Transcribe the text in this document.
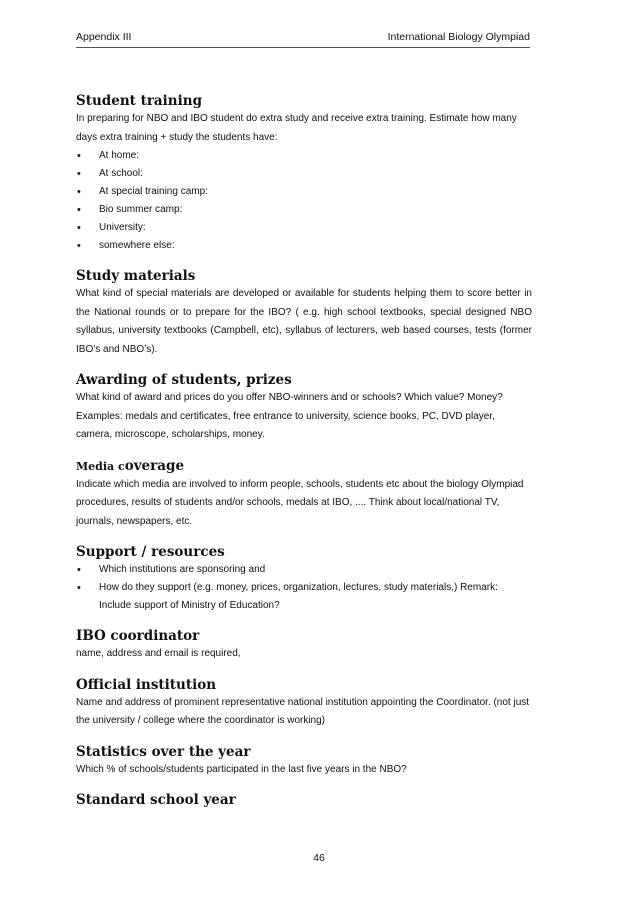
Appendix III	International Biology Olympiad
Student training

In preparing for NBO and IBO student do extra study and receive extra training. Estimate how many days extra training + study the students have:

• At home:
• At school:
• At special training camp:
• Bio summer camp:
• University:
• somewhere else:
Study materials

What kind of special materials are developed or available for students helping them to score better in the National rounds or to prepare for the IBO? ( e.g. high school textbooks, special designed NBO syllabus, university textbooks (Campbell, etc), syllabus of lecturers, web based courses, tests (former IBO’s and NBO’s).

Awarding of students, prizes

What kind of award and prices do you offer NBO-winners and or schools? Which value? Money? Examples: medals and certificates, free entrance to university, science books, PC, DVD player, camera, microscope, scholarships, money.

Media coverage

Indicate which media are involved to inform people, schools, students etc about the biology Olympiad procedures, results of students and/or schools, medals at IBO, .... Think about local/national TV, journals, newspapers, etc.

Support / resources
• Which institutions are sponsoring and
• How do they support (e.g. money, prices, organization, lectures, study materials,) Remark: Include support of Ministry of Education?
IBO coordinator

name, address and email is required,

Official institution

Name and address of prominent representative national institution appointing the Coordinator. (not just the university / college where the coordinator is working)

Statistics over the year

Which % of schools/students participated in the last five years in the NBO?

Standard school year
46
